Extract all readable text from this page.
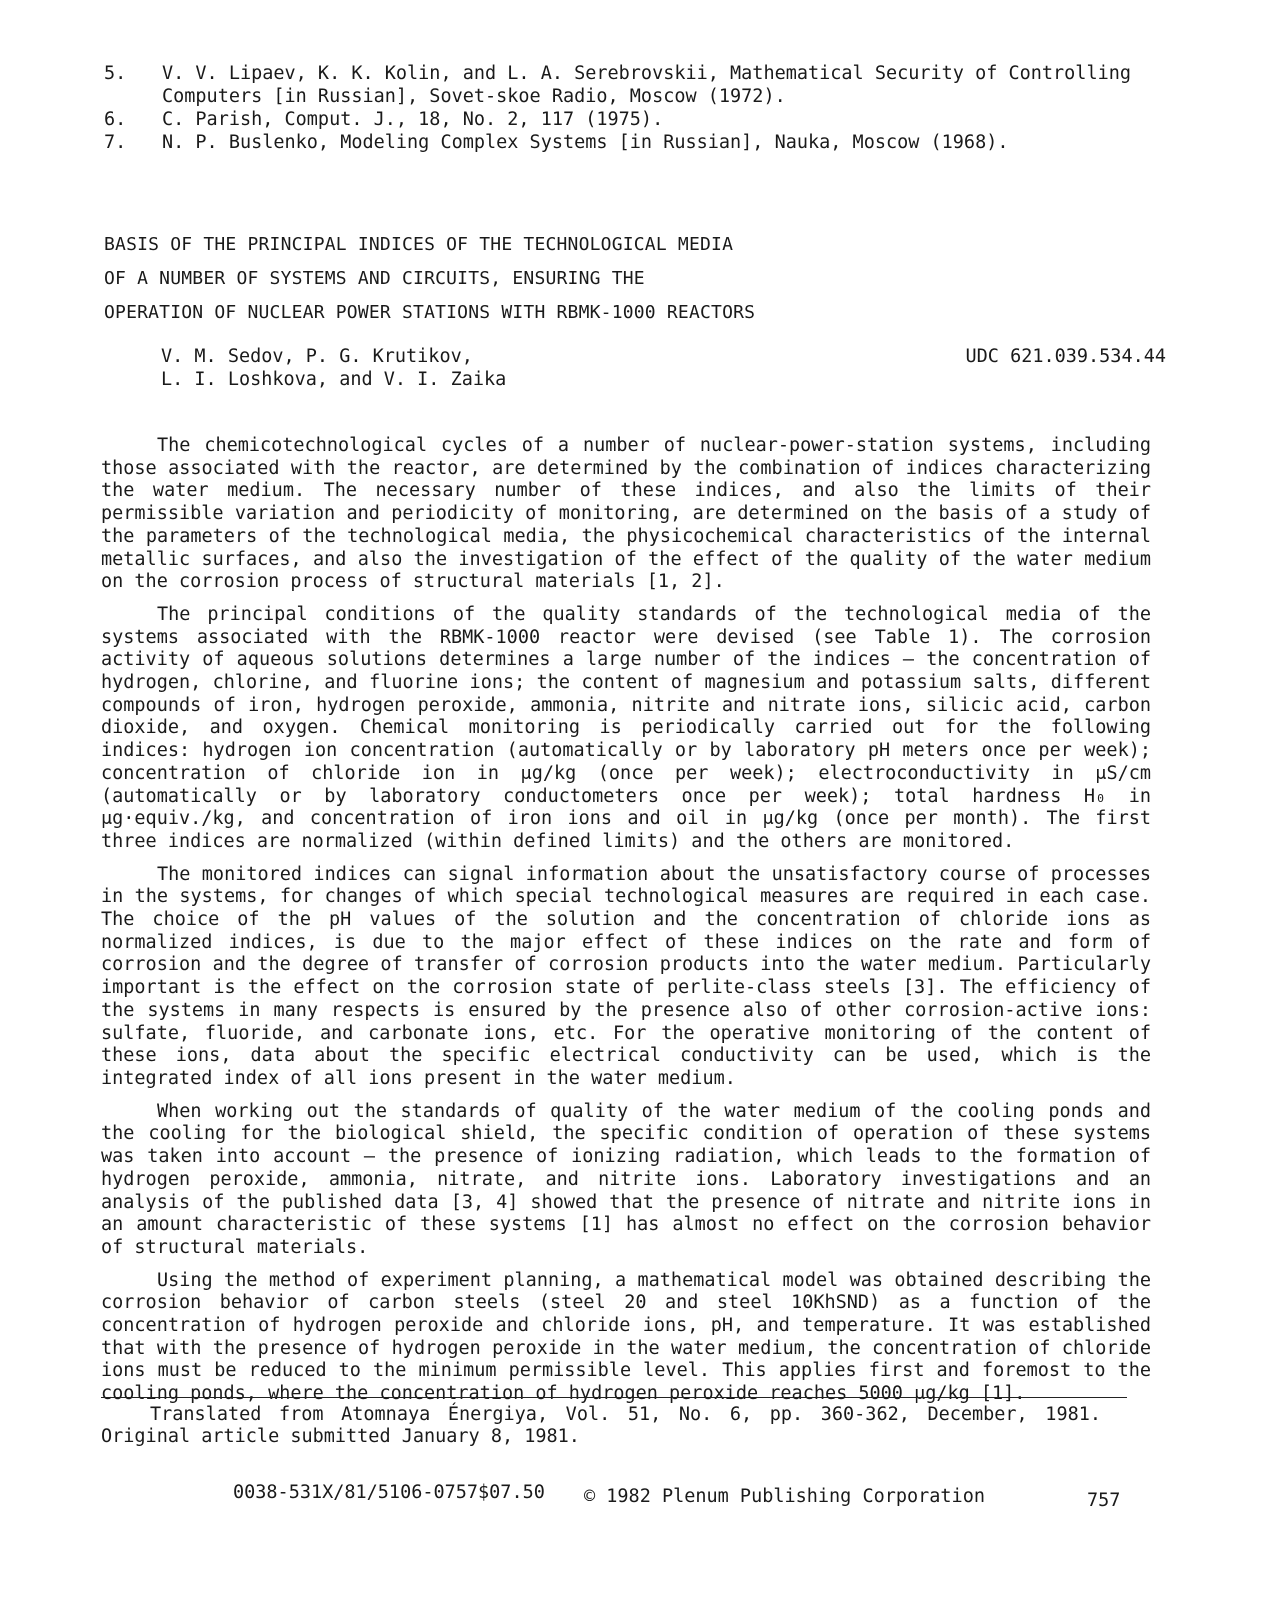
5. V. V. Lipaev, K. K. Kolin, and L. A. Serebrovskii, Mathematical Security of Controlling Computers [in Russian], Sovet-skoe Radio, Moscow (1972).
6. C. Parish, Comput. J., 18, No. 2, 117 (1975).
7. N. P. Buslenko, Modeling Complex Systems [in Russian], Nauka, Moscow (1968).
BASIS OF THE PRINCIPAL INDICES OF THE TECHNOLOGICAL MEDIA
OF A NUMBER OF SYSTEMS AND CIRCUITS, ENSURING THE
OPERATION OF NUCLEAR POWER STATIONS WITH RBMK-1000 REACTORS
V. M. Sedov, P. G. Krutikov,
L. I. Loshkova, and V. I. Zaika
UDC 621.039.534.44

The chemicotechnological cycles of a number of nuclear-power-station systems, including those associated with the reactor, are determined by the combination of indices characterizing the water medium. The necessary number of these indices, and also the limits of their permissible variation and periodicity of monitoring, are determined on the basis of a study of the parameters of the technological media, the physicochemical characteristics of the internal metallic surfaces, and also the investigation of the effect of the quality of the water medium on the corrosion process of structural materials [1, 2].

The principal conditions of the quality standards of the technological media of the systems associated with the RBMK-1000 reactor were devised (see Table 1). The corrosion activity of aqueous solutions determines a large number of the indices — the concentration of hydrogen, chlorine, and fluorine ions; the content of magnesium and potassium salts, different compounds of iron, hydrogen peroxide, ammonia, nitrite and nitrate ions, silicic acid, carbon dioxide, and oxygen. Chemical monitoring is periodically carried out for the following indices: hydrogen ion concentration (automatically or by laboratory pH meters once per week); concentration of chloride ion in μg/kg (once per week); electroconductivity in μS/cm (automatically or by laboratory conductometers once per week); total hardness H₀ in μg·equiv./kg, and concentration of iron ions and oil in μg/kg (once per month). The first three indices are normalized (within defined limits) and the others are monitored.

The monitored indices can signal information about the unsatisfactory course of processes in the systems, for changes of which special technological measures are required in each case. The choice of the pH values of the solution and the concentration of chloride ions as normalized indices, is due to the major effect of these indices on the rate and form of corrosion and the degree of transfer of corrosion products into the water medium. Particularly important is the effect on the corrosion state of perlite-class steels [3]. The efficiency of the systems in many respects is ensured by the presence also of other corrosion-active ions: sulfate, fluoride, and carbonate ions, etc. For the operative monitoring of the content of these ions, data about the specific electrical conductivity can be used, which is the integrated index of all ions present in the water medium.

When working out the standards of quality of the water medium of the cooling ponds and the cooling for the biological shield, the specific condition of operation of these systems was taken into account — the presence of ionizing radiation, which leads to the formation of hydrogen peroxide, ammonia, nitrate, and nitrite ions. Laboratory investigations and an analysis of the published data [3, 4] showed that the presence of nitrate and nitrite ions in an amount characteristic of these systems [1] has almost no effect on the corrosion behavior of structural materials.

Using the method of experiment planning, a mathematical model was obtained describing the corrosion behavior of carbon steels (steel 20 and steel 10KhSND) as a function of the concentration of hydrogen peroxide and chloride ions, pH, and temperature. It was established that with the presence of hydrogen peroxide in the water medium, the concentration of chloride ions must be reduced to the minimum permissible level. This applies first and foremost to the cooling ponds, where the concentration of hydrogen peroxide reaches 5000 μg/kg [1].

Translated from Atomnaya Énergiya, Vol. 51, No. 6, pp. 360-362, December, 1981. Original article submitted January 8, 1981.
0038-531X/81/5106-0757$07.50 © 1982 Plenum Publishing Corporation	757
